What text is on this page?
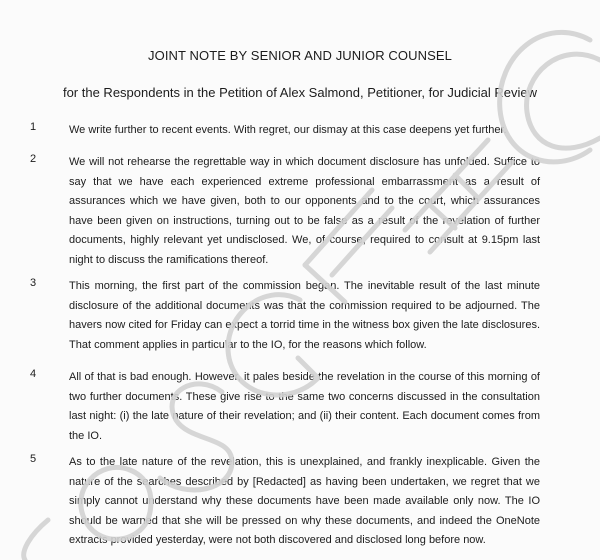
JOINT NOTE BY SENIOR AND JUNIOR COUNSEL
for the Respondents in the Petition of Alex Salmond, Petitioner, for Judicial Review
1	We write further to recent events. With regret, our dismay at this case deepens yet further.

2	We will not rehearse the regrettable way in which document disclosure has unfolded. Suffice to say that we have each experienced extreme professional embarrassment as a result of assurances which we have given, both to our opponents and to the court, which assurances have been given on instructions, turning out to be false as a result of the revelation of further documents, highly relevant yet undisclosed. We, of course, required to consult at 9.15pm last night to discuss the ramifications thereof.

3	This morning, the first part of the commission began. The inevitable result of the last minute disclosure of the additional documents was that the commission required to be adjourned. The havers now cited for Friday can expect a torrid time in the witness box given the late disclosures. That comment applies in particular to the IO, for the reasons which follow.

4	All of that is bad enough. However, it pales beside the revelation in the course of this morning of two further documents. These give rise to the same two concerns discussed in the consultation last night: (i) the late nature of their revelation; and (ii) their content. Each document comes from the IO.

5	As to the late nature of the revelation, this is unexplained, and frankly inexplicable. Given the nature of the searches described by [Redacted] as having been undertaken, we regret that we simply cannot understand why these documents have been made available only now. The IO should be warned that she will be pressed on why these documents, and indeed the OneNote extracts provided yesterday, were not both discovered and disclosed long before now.
